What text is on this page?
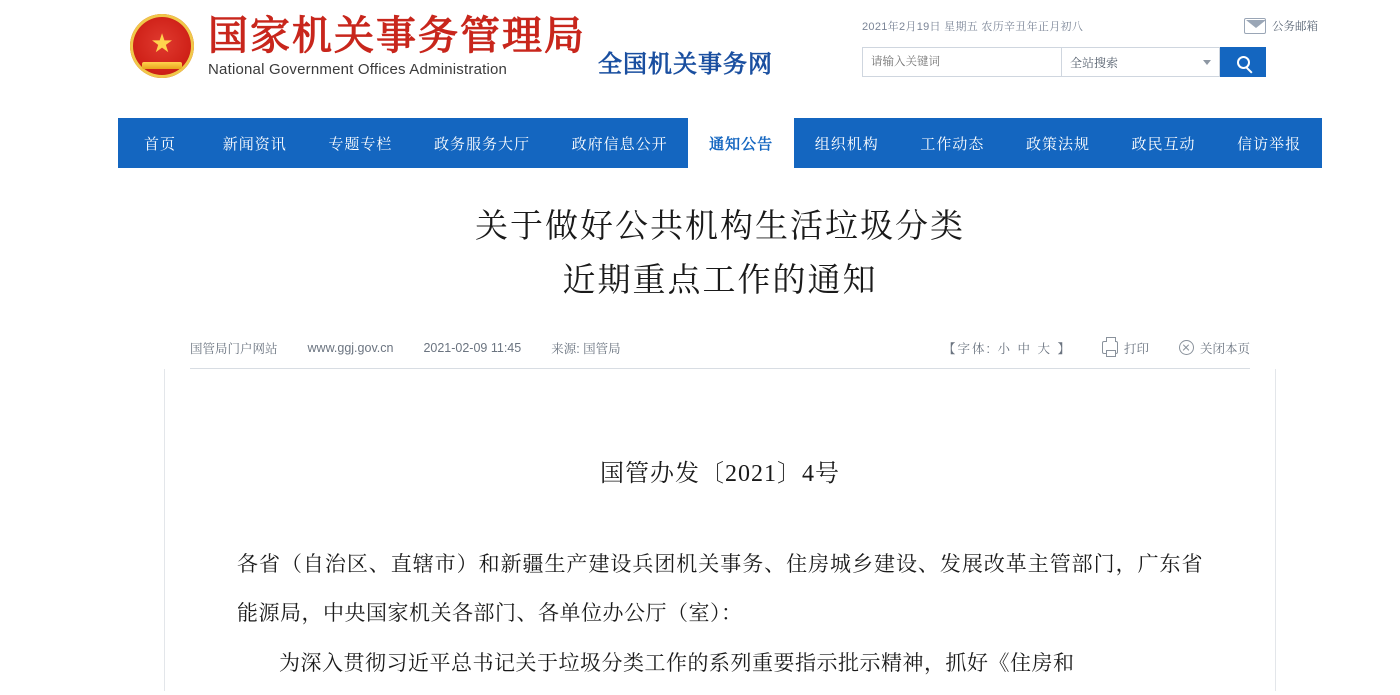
★
国家机关事务管理局
National Government Offices Administration	全国机关事务网
2021年2月19日 星期五 农历辛丑年正月初八	公务邮箱
请输入关键词
全站搜索
首页	新闻资讯	专题专栏	政务服务大厅	政府信息公开	通知公告	组织机构	工作动态	政策法规	政民互动	信访举报
关于做好公共机构生活垃圾分类
近期重点工作的通知
国管局门户网站 www.ggj.gov.cn 2021-02-09 11:45 来源: 国管局	【字体: 小 中 大 】	打印	关闭本页
国管办发〔2021〕4号
各省（自治区、直辖市）和新疆生产建设兵团机关事务、住房城乡建设、发展改革主管部门，广东省能源局，中央国家机关各部门、各单位办公厅（室）：
为深入贯彻习近平总书记关于垃圾分类工作的系列重要指示批示精神，抓好《住房和
